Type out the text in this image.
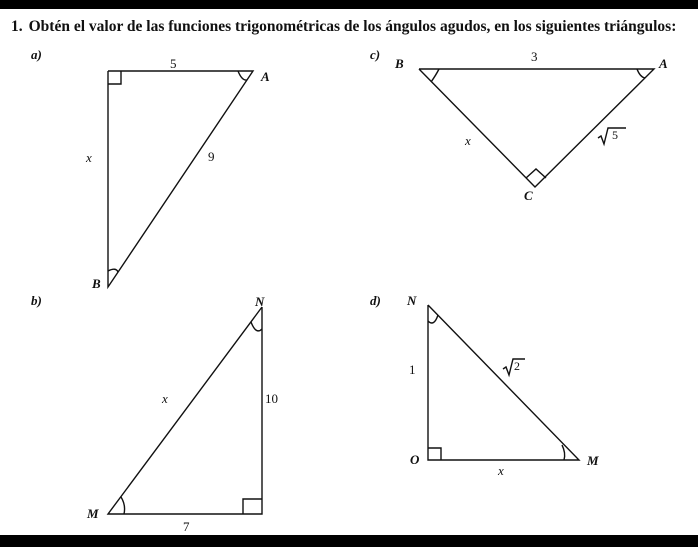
1. Obtén el valor de las funciones trigonométricas de los ángulos agudos, en los siguientes triángulos:
a)
b)
c)
d)
5
A
x	9
B
N
x	10
M
7
B	3	A
x	5
C
N
1	2
O
x
M
